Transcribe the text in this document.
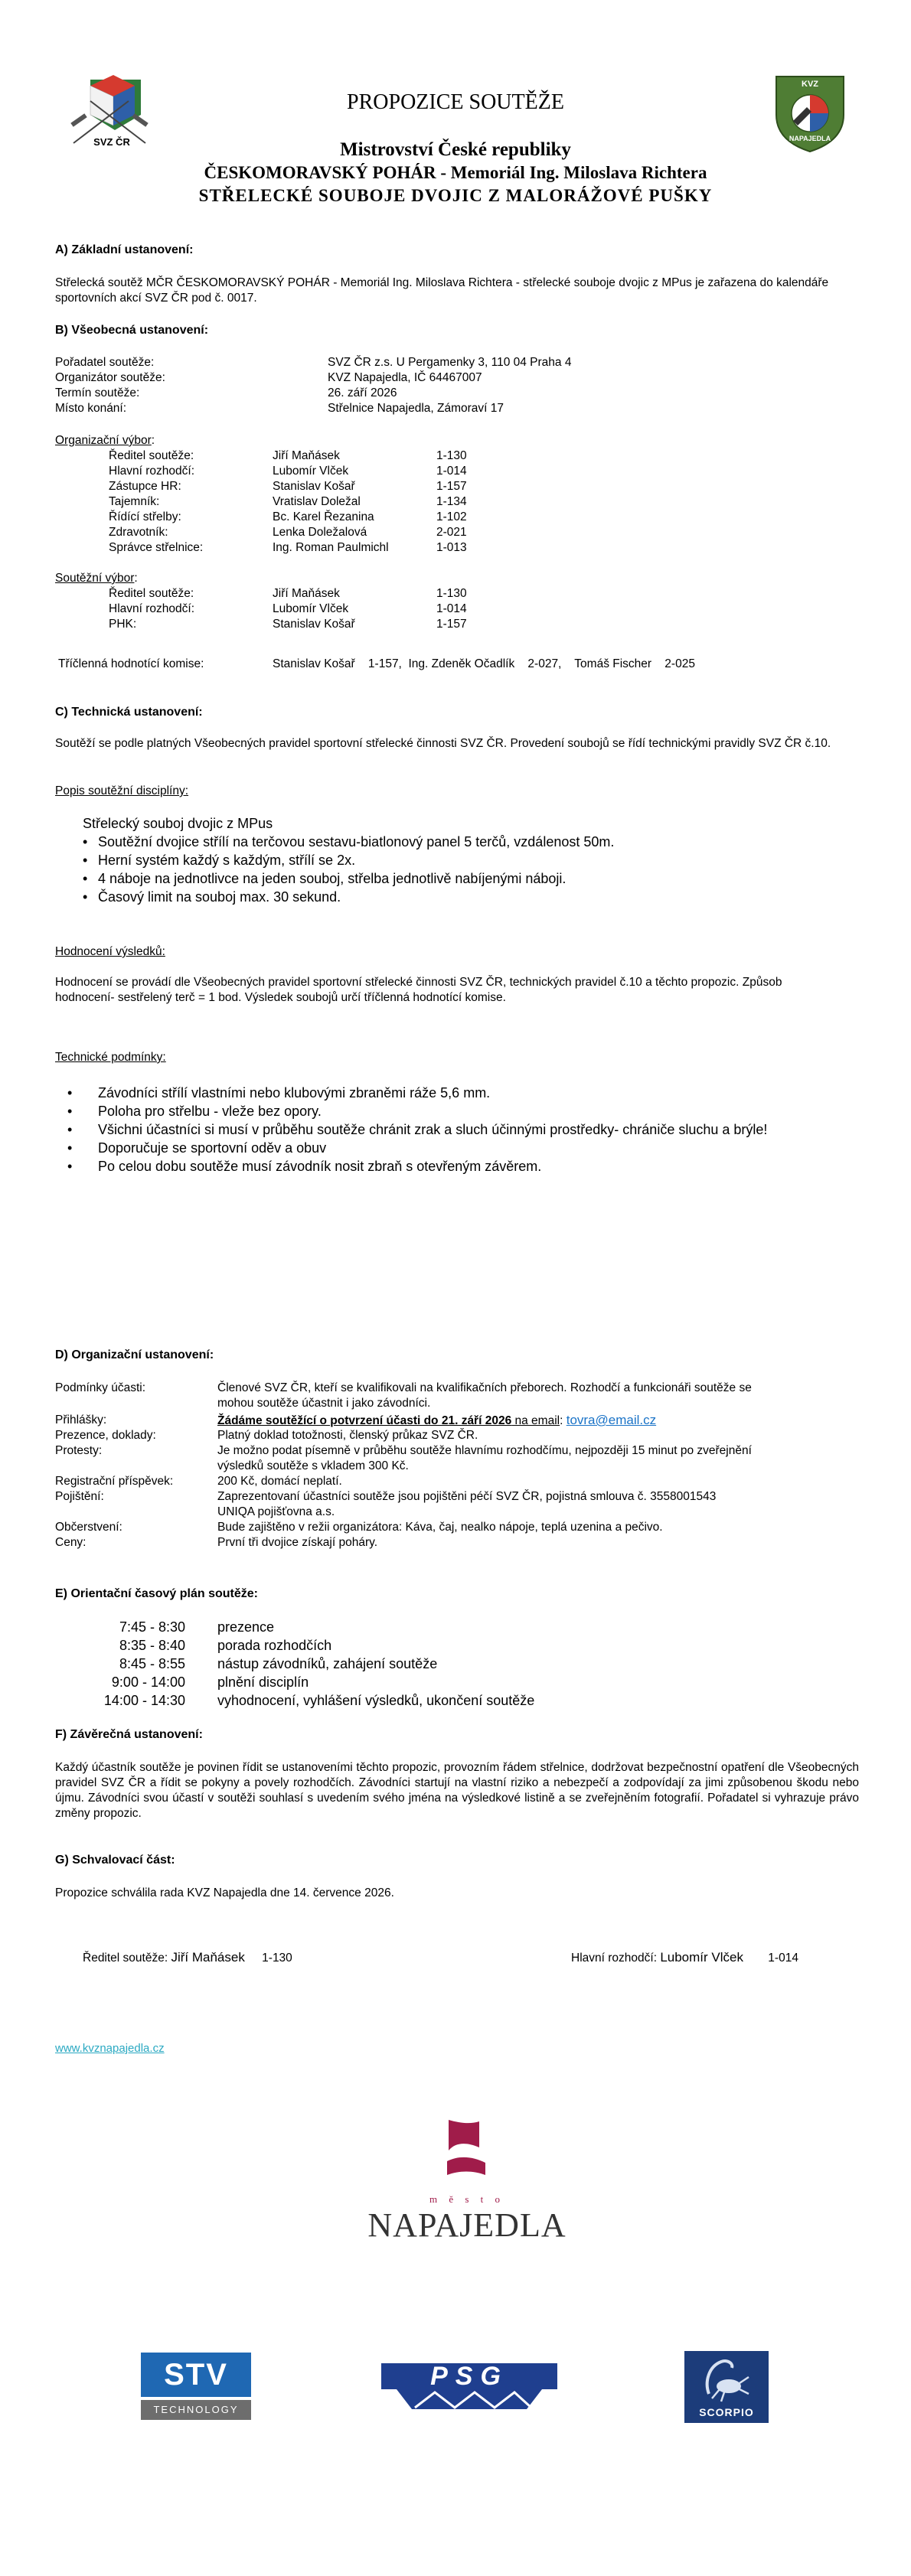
SVZ ČR
KVZ
NAPAJEDLA
PROPOZICE SOUTĚŽE
Mistrovství České republiky
ČESKOMORAVSKÝ POHÁR - Memoriál Ing. Miloslava Richtera
STŘELECKÉ SOUBOJE DVOJIC Z MALORÁŽOVÉ PUŠKY
A) Základní ustanovení:
Střelecká soutěž MČR ČESKOMORAVSKÝ POHÁR - Memoriál Ing. Miloslava Richtera - střelecké souboje dvojic z MPus je zařazena do kalendáře sportovních akcí SVZ ČR pod č. 0017.
B) Všeobecná ustanovení:
Pořadatel soutěže:	SVZ ČR z.s. U Pergamenky 3, 110 04 Praha 4
Organizátor soutěže:	KVZ Napajedla, IČ 64467007
Termín soutěže:	26. září 2026
Místo konání:	Střelnice Napajedla, Zámoraví 17
Organizační výbor:
Ředitel soutěže:	Jiří Maňásek	1-130
Hlavní rozhodčí:	Lubomír Vlček	1-014
Zástupce HR:	Stanislav Košař	1-157
Tajemník:	Vratislav Doležal	1-134
Řídící střelby:	Bc. Karel Řezanina	1-102
Zdravotník:	Lenka Doležalová	2-021
Správce střelnice:	Ing. Roman Paulmichl	1-013
Soutěžní výbor:
Ředitel soutěže:	Jiří Maňásek	1-130
Hlavní rozhodčí:	Lubomír Vlček	1-014
PHK:	Stanislav Košař	1-157
Tříčlenná hodnotící komise:	Stanislav Košař    1-157,  Ing. Zdeněk Očadlík    2-027,    Tomáš Fischer    2-025
C) Technická ustanovení:
Soutěží se podle platných Všeobecných pravidel sportovní střelecké činnosti SVZ ČR. Provedení soubojů se řídí technickými pravidly SVZ ČR č.10.
Popis soutěžní disciplíny:
Střelecký souboj dvojic z MPus
• Soutěžní dvojice střílí na terčovou sestavu-biatlonový panel 5 terčů, vzdálenost 50m.
• Herní systém každý s každým, střílí se 2x.
• 4 náboje na jednotlivce na jeden souboj, střelba jednotlivě nabíjenými náboji.
• Časový limit na souboj max. 30 sekund.
Hodnocení výsledků:
Hodnocení se provádí dle Všeobecných pravidel sportovní střelecké činnosti SVZ ČR, technických pravidel č.10 a těchto propozic. Způsob hodnocení- sestřelený terč = 1 bod. Výsledek soubojů určí tříčlenná hodnotící komise.
Technické podmínky:
• Závodníci střílí vlastními nebo klubovými zbraněmi ráže 5,6 mm.
• Poloha pro střelbu - vleže bez opory.
• Všichni účastníci si musí v průběhu soutěže chránit zrak a sluch účinnými prostředky- chrániče sluchu a brýle!
• Doporučuje se sportovní oděv a obuv
• Po celou dobu soutěže musí závodník nosit zbraň s otevřeným závěrem.
D) Organizační ustanovení:
Podmínky účasti:	Členové SVZ ČR, kteří se kvalifikovali na kvalifikačních přeborech. Rozhodčí a funkcionáři soutěže se
mohou soutěže účastnit i jako závodníci.
Přihlášky:	Žádáme soutěžící o potvrzení účasti do 21. září 2026 na email: tovra@email.cz
Prezence, doklady:	Platný doklad totožnosti, členský průkaz SVZ ČR.
Protesty:	Je možno podat písemně v průběhu soutěže hlavnímu rozhodčímu, nejpozději 15 minut po zveřejnění
výsledků soutěže s vkladem 300 Kč.
Registrační příspěvek:	200 Kč, domácí neplatí.
Pojištění:	Zaprezentovaní účastníci soutěže jsou pojištěni péčí SVZ ČR, pojistná smlouva č. 3558001543
UNIQA pojišťovna a.s.
Občerstvení:	Bude zajištěno v režii organizátora: Káva, čaj, nealko nápoje, teplá uzenina a pečivo.
Ceny:	První tři dvojice získají poháry.
E) Orientační časový plán soutěže:
7:45 - 8:30 prezence
8:35 - 8:40 porada rozhodčích
8:45 - 8:55 nástup závodníků, zahájení soutěže
9:00 - 14:00 plnění disciplín
14:00 - 14:30 vyhodnocení, vyhlášení výsledků, ukončení soutěže
F) Závěrečná ustanovení:
Každý účastník soutěže je povinen řídit se ustanoveními těchto propozic, provozním řádem střelnice, dodržovat bezpečnostní opatření dle Všeobecných pravidel SVZ ČR a řídit se pokyny a povely rozhodčích. Závodníci startují na vlastní riziko a nebezpečí a zodpovídají za jimi způsobenou škodu nebo újmu. Závodníci svou účastí v soutěži souhlasí s uvedením svého jména na výsledkové listině a se zveřejněním fotografií. Pořadatel si vyhrazuje právo změny propozic.
G) Schvalovací část:
Propozice schválila rada KVZ Napajedla dne 14. července 2026.
Ředitel soutěže: Jiří Maňásek 1-130	Hlavní rozhodčí: Lubomír Vlček 1-014
www.kvznapajedla.cz
m ě s t o
NAPAJEDLA
STV
TECHNOLOGY
PSG
SCORPIO
